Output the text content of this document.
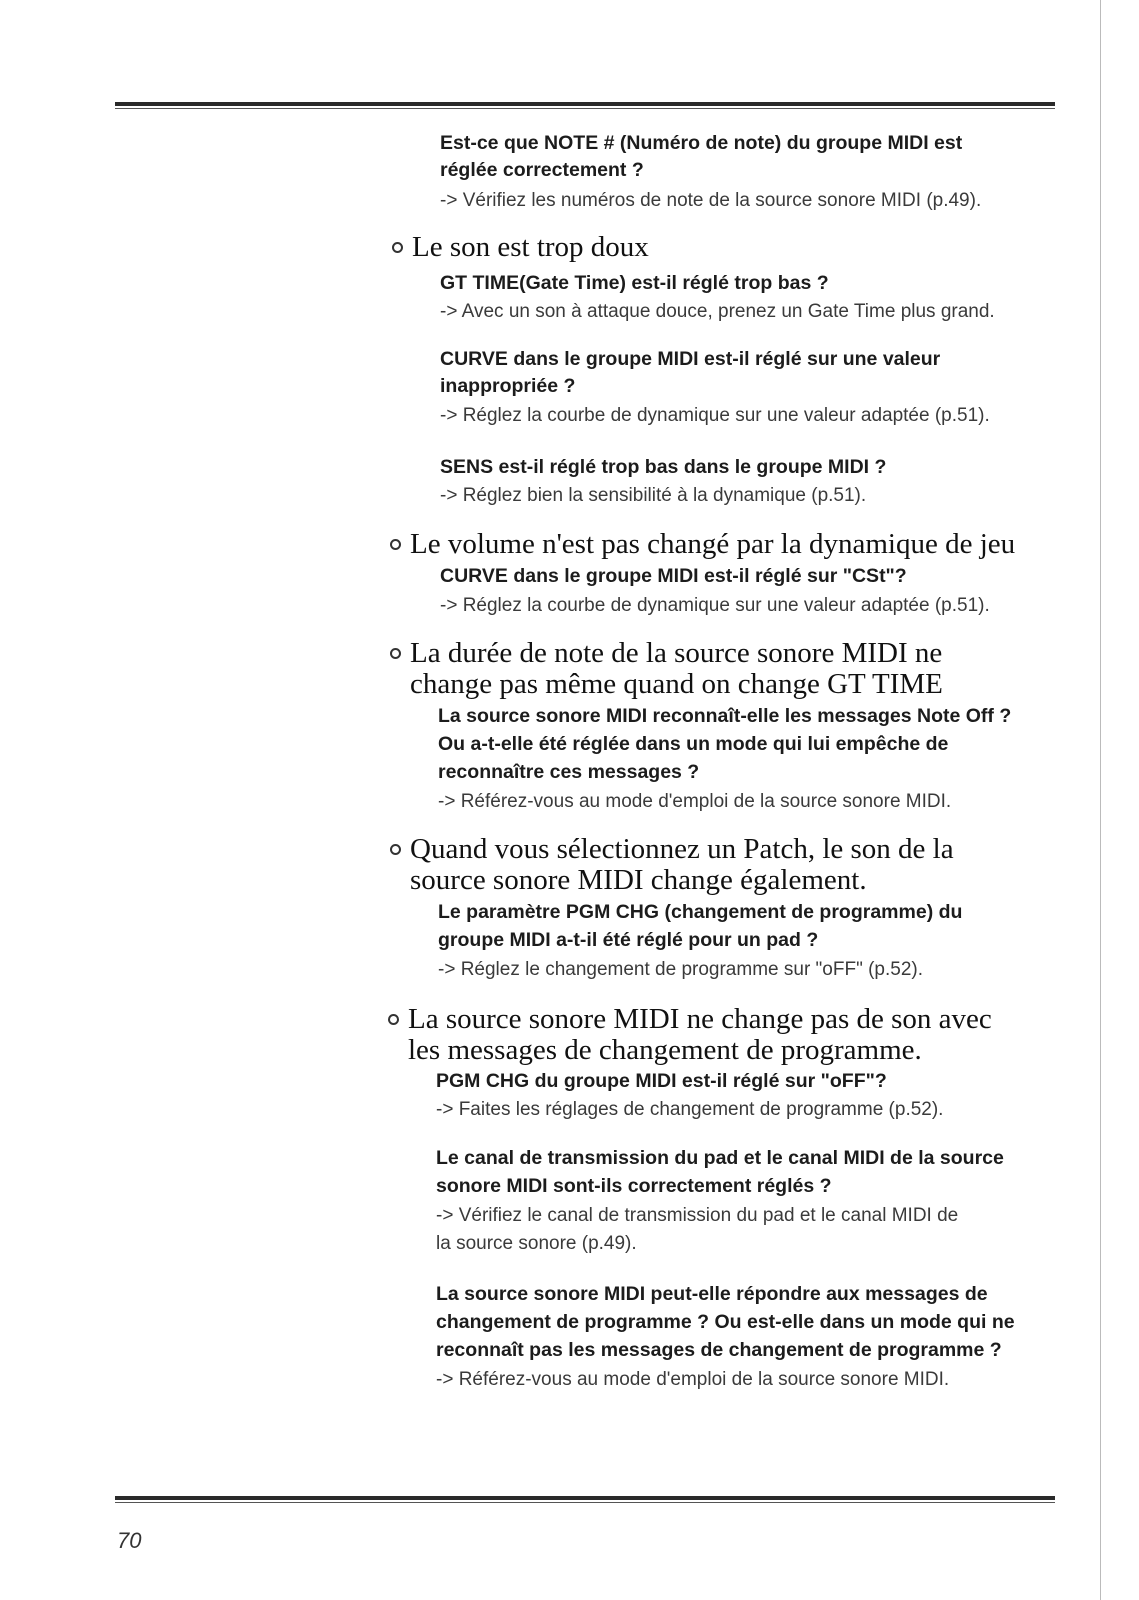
Est-ce que NOTE # (Numéro de note) du groupe MIDI est

réglée correctement ?

-> Vérifiez les numéros de note de la source sonore MIDI (p.49).

Le son est trop doux

GT TIME(Gate Time) est-il réglé trop bas ?

-> Avec un son à attaque douce, prenez un Gate Time plus grand.

CURVE dans le groupe MIDI est-il réglé sur une valeur

inappropriée ?

-> Réglez la courbe de dynamique sur une valeur adaptée (p.51).

SENS est-il réglé trop bas dans le groupe MIDI ?

-> Réglez bien la sensibilité à la dynamique (p.51).

Le volume n'est pas changé par la dynamique de jeu

CURVE dans le groupe MIDI est-il réglé sur "CSt"?

-> Réglez la courbe de dynamique sur une valeur adaptée (p.51).

La durée de note de la source sonore MIDI ne

change pas même quand on change GT TIME

La source sonore MIDI reconnaît-elle les messages Note Off ?

Ou a-t-elle été réglée dans un mode qui lui empêche de

reconnaître ces messages ?

-> Référez-vous au mode d'emploi de la source sonore MIDI.

Quand vous sélectionnez un Patch, le son de la

source sonore MIDI change également.

Le paramètre PGM CHG (changement de programme) du

groupe MIDI a-t-il été réglé pour un pad ?

-> Réglez le changement de programme sur "oFF" (p.52).

La source sonore MIDI ne change pas de son avec

les messages de changement de programme.

PGM CHG du groupe MIDI est-il réglé sur "oFF"?

-> Faites les réglages de changement de programme (p.52).

Le canal de transmission du pad et le canal MIDI de la source

sonore MIDI sont-ils correctement réglés ?

-> Vérifiez le canal de transmission du pad et le canal MIDI de

la source sonore (p.49).

La source sonore MIDI peut-elle répondre aux messages de

changement de programme ? Ou est-elle dans un mode qui ne

reconnaît pas les messages de changement de programme ?

-> Référez-vous au mode d'emploi de la source sonore MIDI.

70
